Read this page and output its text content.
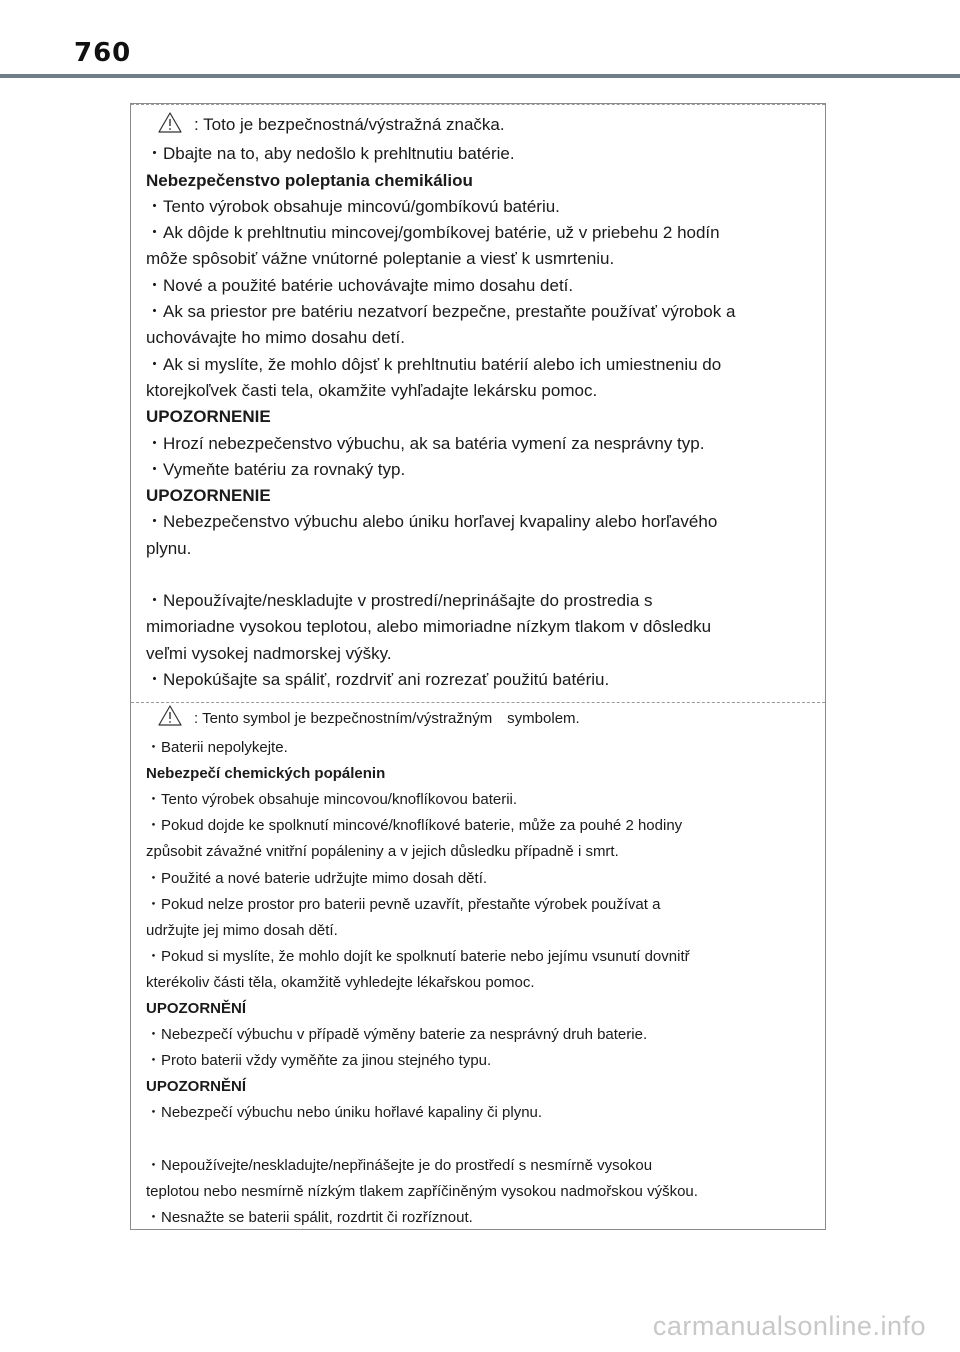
760

: Toto je bezpečnostná/výstražná značka.

・Dbajte na to, aby nedošlo k prehltnutiu batérie.

Nebezpečenstvo poleptania chemikáliou

・Tento výrobok obsahuje mincovú/gombíkovú batériu.

・Ak dôjde k prehltnutiu mincovej/gombíkovej batérie, už v priebehu 2 hodín

môže spôsobiť vážne vnútorné poleptanie a viesť k usmrteniu.

・Nové a použité batérie uchovávajte mimo dosahu detí.

・Ak sa priestor pre batériu nezatvorí bezpečne, prestaňte používať výrobok a

uchovávajte ho mimo dosahu detí.

・Ak si myslíte, že mohlo dôjsť k prehltnutiu batérií alebo ich umiestneniu do

ktorejkoľvek časti tela, okamžite vyhľadajte lekársku pomoc.

UPOZORNENIE

・Hrozí nebezpečenstvo výbuchu, ak sa batéria vymení za nesprávny typ.

・Vymeňte batériu za rovnaký typ.

UPOZORNENIE

・Nebezpečenstvo výbuchu alebo úniku horľavej kvapaliny alebo horľavého

plynu.

・Nepoužívajte/neskladujte v prostredí/neprinášajte do prostredia s

mimoriadne vysokou teplotou, alebo mimoriadne nízkym tlakom v dôsledku

veľmi vysokej nadmorskej výšky.

・Nepokúšajte sa spáliť, rozdrviť ani rozrezať použitú batériu.

: Tento symbol je bezpečnostním/výstražným　symbolem.

・Baterii nepolykejte.

Nebezpečí chemických popálenin

・Tento výrobek obsahuje mincovou/knoflíkovou baterii.

・Pokud dojde ke spolknutí mincové/knoflíkové baterie, může za pouhé 2 hodiny

způsobit závažné vnitřní popáleniny a v jejich důsledku případně i smrt.

・Použité a nové baterie udržujte mimo dosah dětí.

・Pokud nelze prostor pro baterii pevně uzavřít, přestaňte výrobek používat a

udržujte jej mimo dosah dětí.

・Pokud si myslíte, že mohlo dojít ke spolknutí baterie nebo jejímu vsunutí dovnitř

kterékoliv části těla, okamžitě vyhledejte lékařskou pomoc.

UPOZORNĚNÍ

・Nebezpečí výbuchu v případě výměny baterie za nesprávný druh baterie.

・Proto baterii vždy vyměňte za jinou stejného typu.

UPOZORNĚNÍ

・Nebezpečí výbuchu nebo úniku hořlavé kapaliny či plynu.

・Nepoužívejte/neskladujte/nepřinášejte je do prostředí s nesmírně vysokou

teplotou nebo nesmírně nízkým tlakem zapříčiněným vysokou nadmořskou výškou.

・Nesnažte se baterii spálit, rozdrtit či rozříznout.

carmanualsonline.info
